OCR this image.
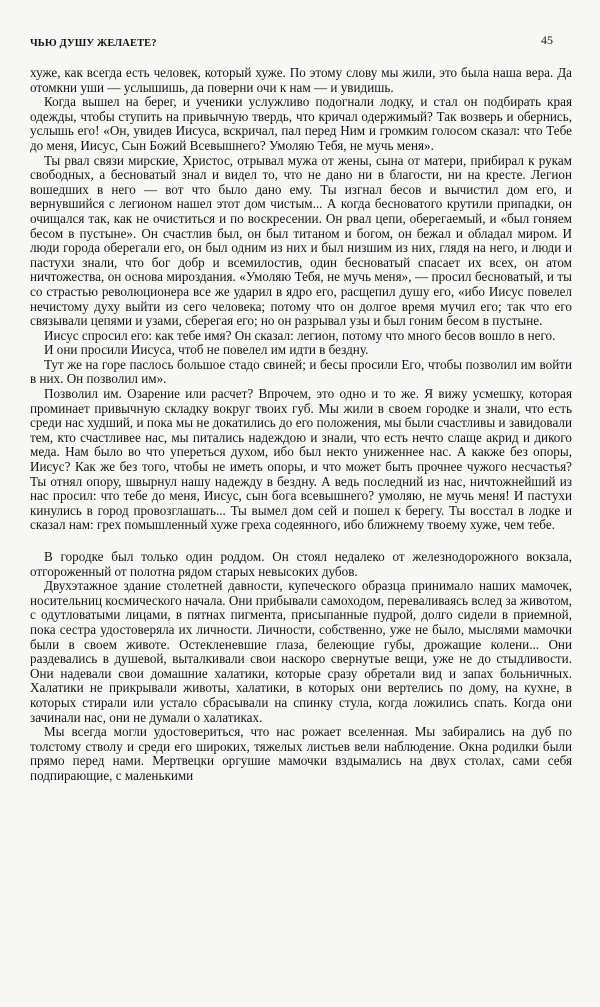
ЧЬЮ ДУШУ ЖЕЛАЕТЕ?	45

хуже, как всегда есть человек, который хуже. По этому слову мы жили, это была наша вера. Да отомкни уши — услышишь, да поверни очи к нам — и увидишь.

Когда вышел на берег, и ученики услужливо подогнали лодку, и стал он подбирать края одежды, чтобы ступить на привычную твердь, что кричал одержимый? Так возверь и обернись, услышь его! «Он, увидев Иисуса, вскричал, пал перед Ним и громким голосом сказал: что Тебе до меня, Иисус, Сын Божий Всевышнего? Умоляю Тебя, не мучь меня».

Ты рвал связи мирские, Христос, отрывал мужа от жены, сына от матери, прибирал к рукам свободных, а бесноватый знал и видел то, что не дано ни в благости, ни на кресте. Легион вошедших в него — вот что было дано ему. Ты изгнал бесов и вычистил дом его, и вернувшийся с легионом нашел этот дом чистым... А когда бесноватого крутили припадки, он очищался так, как не очиститься и по воскресении. Он рвал цепи, оберегаемый, и «был гоняем бесом в пустыне». Он счастлив был, он был титаном и богом, он бежал и обладал миром. И люди города оберегали его, он был одним из них и был низшим из них, глядя на него, и люди и пастухи знали, что бог добр и всемилостив, один бесноватый спасает их всех, он атом ничтожества, он основа мироздания. «Умоляю Тебя, не мучь меня», — просил бесноватый, и ты со страстью революционера все же ударил в ядро его, расщепил душу его, «ибо Иисус повелел нечистому духу выйти из сего человека; потому что он долгое время мучил его; так что его связывали цепями и узами, сберегая его; но он разрывал узы и был гоним бесом в пустыне.

Иисус спросил его: как тебе имя? Он сказал: легион, потому что много бесов вошло в него.

И они просили Иисуса, чтоб не повелел им идти в бездну.

Тут же на горе паслось большое стадо свиней; и бесы просили Его, чтобы позволил им войти в них. Он позволил им».

Позволил им. Озарение или расчет? Впрочем, это одно и то же. Я вижу усмешку, которая проминает привычную складку вокруг твоих губ. Мы жили в своем городке и знали, что есть среди нас худший, и пока мы не докатились до его положения, мы были счастливы и завидовали тем, кто счастливее нас, мы питались надеждою и знали, что есть нечто слаще акрид и дикого меда. Нам было во что упереться духом, ибо был некто униженнее нас. А какже без опоры, Иисус? Как же без того, чтобы не иметь опоры, и что может быть прочнее чужого несчастья? Ты отнял опору, швырнул нашу надежду в бездну. А ведь последний из нас, ничтожнейший из нас просил: что тебе до меня, Иисус, сын бога всевышнего? умоляю, не мучь меня! И пастухи кинулись в город провозглашать... Ты вымел дом сей и пошел к берегу. Ты восстал в лодке и сказал нам: грех помышленный хуже греха содеянного, ибо ближнему твоему хуже, чем тебе.

В городке был только один роддом. Он стоял недалеко от железнодорожного вокзала, отгороженный от полотна рядом старых невысоких дубов.

Двухэтажное здание столетней давности, купеческого образца принимало наших мамочек, носительниц космического начала. Они прибывали самоходом, переваливаясь вслед за животом, с одутловатыми лицами, в пятнах пигмента, присыпанные пудрой, долго сидели в приемной, пока сестра удостоверяла их личности. Личности, собственно, уже не было, мыслями мамочки были в своем животе. Остекленевшие глаза, белеющие губы, дрожащие колени... Они раздевались в душевой, выталкивали свои наскоро свернутые вещи, уже не до стыдливости. Они надевали свои домашние халатики, которые сразу обретали вид и запах больничных. Халатики не прикрывали животы, халатики, в которых они вертелись по дому, на кухне, в которых стирали или устало сбрасывали на спинку стула, когда ложились спать. Когда они зачинали нас, они не думали о халатиках.

Мы всегда могли удостовериться, что нас рожает вселенная. Мы забирались на дуб по толстому стволу и среди его широких, тяжелых листьев вели наблюдение. Окна родилки были прямо перед нами. Мертвецки оргушие мамочки вздымались на двух столах, сами себя подпирающие, с маленькими
